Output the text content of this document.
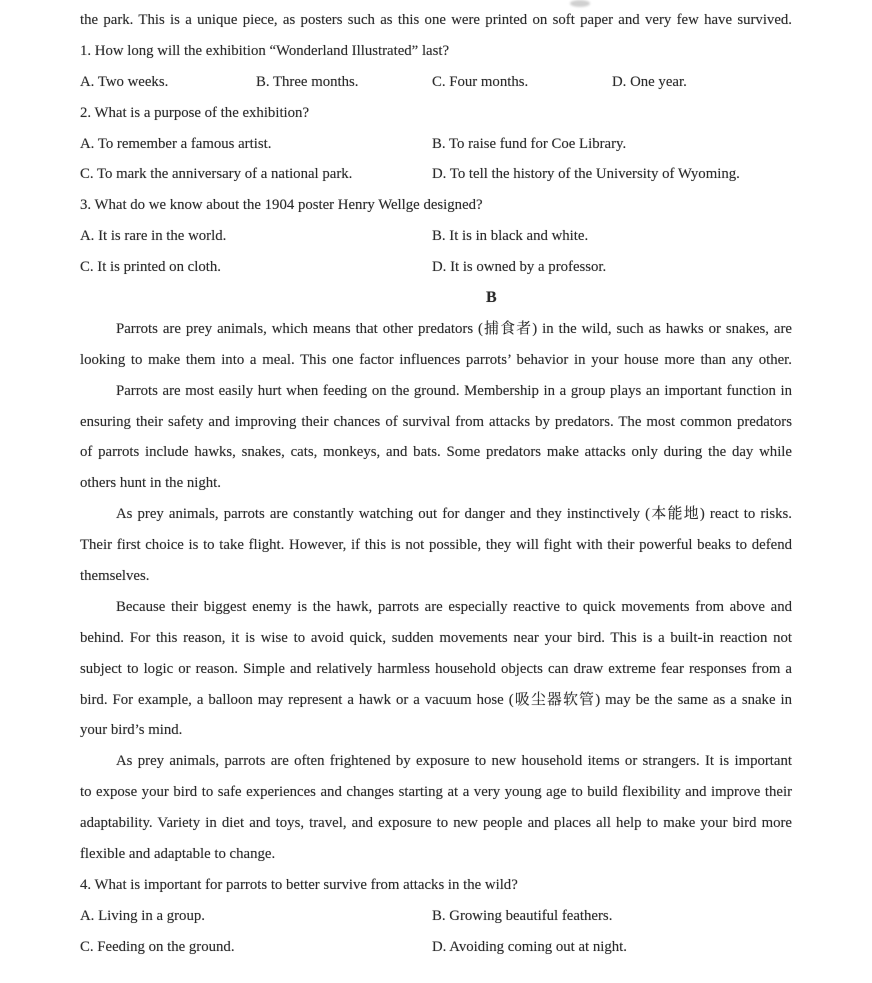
the park. This is a unique piece, as posters such as this one were printed on soft paper and very few have survived.
1. How long will the exhibition “Wonderland Illustrated” last?
A. Two weeks.	B. Three months.	C. Four months.	D. One year.
2. What is a purpose of the exhibition?
A. To remember a famous artist.	B. To raise fund for Coe Library.
C. To mark the anniversary of a national park.	D. To tell the history of the University of Wyoming.
3. What do we know about the 1904 poster Henry Wellge designed?
A. It is rare in the world.	B. It is in black and white.
C. It is printed on cloth.	D. It is owned by a professor.
B
Parrots are prey animals, which means that other predators (捕食者) in the wild, such as hawks or snakes, are
looking to make them into a meal. This one factor influences parrots’ behavior in your house more than any other.
Parrots are most easily hurt when feeding on the ground. Membership in a group plays an important function in
ensuring their safety and improving their chances of survival from attacks by predators. The most common predators
of parrots include hawks, snakes, cats, monkeys, and bats. Some predators make attacks only during the day while
others hunt in the night.
As prey animals, parrots are constantly watching out for danger and they instinctively (本能地) react to risks.
Their first choice is to take flight. However, if this is not possible, they will fight with their powerful beaks to defend
themselves.
Because their biggest enemy is the hawk, parrots are especially reactive to quick movements from above and
behind. For this reason, it is wise to avoid quick, sudden movements near your bird. This is a built-in reaction not
subject to logic or reason. Simple and relatively harmless household objects can draw extreme fear responses from a
bird. For example, a balloon may represent a hawk or a vacuum hose (吸尘器软管) may be the same as a snake in
your bird’s mind.
As prey animals, parrots are often frightened by exposure to new household items or strangers. It is important
to expose your bird to safe experiences and changes starting at a very young age to build flexibility and improve their
adaptability. Variety in diet and toys, travel, and exposure to new people and places all help to make your bird more
flexible and adaptable to change.
4. What is important for parrots to better survive from attacks in the wild?
A. Living in a group.	B. Growing beautiful feathers.
C. Feeding on the ground.	D. Avoiding coming out at night.
